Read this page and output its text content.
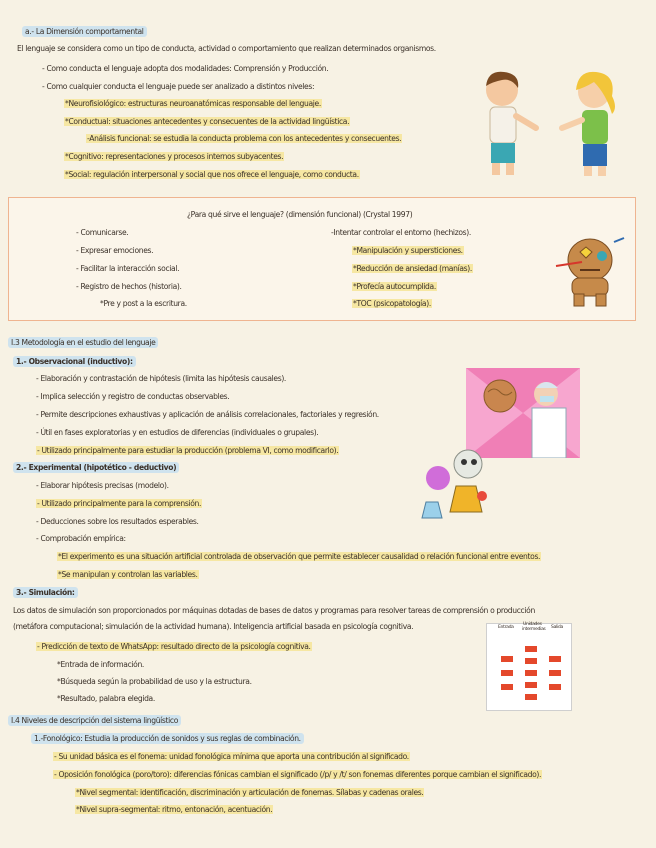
a.- La Dimensión comportamental
El lenguaje se considera como un tipo de conducta, actividad o comportamiento que realizan determinados organismos.
- Como conducta el lenguaje adopta dos modalidades: Comprensión y Producción.
- Como cualquier conducta el lenguaje puede ser analizado a distintos niveles:
*Neurofisiológico: estructuras neuroanatómicas responsable del lenguaje.
*Conductual: situaciones antecedentes y consecuentes de la actividad lingüística.
-Análisis funcional: se estudia la conducta problema con los antecedentes y consecuentes.
*Cognitivo: representaciones y procesos internos subyacentes.
*Social: regulación interpersonal y social que nos ofrece el lenguaje, como conducta.
¿Para qué sirve el lenguaje? (dimensión funcional) (Crystal 1997)
- Comunicarse.
- Expresar emociones.
- Facilitar la interacción social.
- Registro de hechos (historia).
*Pre y post a la escritura.
-Intentar controlar el entorno (hechizos).
*Manipulación y supersticiones.
*Reducción de ansiedad (manías).
*Profecía autocumplida.
*TOC (psicopatología).
I.3 Metodología en el estudio del lenguaje
1.- Observacional (inductivo):
- Elaboración y contrastación de hipótesis (limita las hipótesis causales).
- Implica selección y registro de conductas observables.
- Permite descripciones exhaustivas y aplicación de análisis correlacionales, factoriales y regresión.
- Útil en fases exploratorias y en estudios de diferencias (individuales o grupales).
- Utilizado principalmente para estudiar la producción (problema VI, como modificarlo).
2.- Experimental (hipotético - deductivo)
- Elaborar hipótesis precisas (modelo).
- Utilizado principalmente para la comprensión.
- Deducciones sobre los resultados esperables.
- Comprobación empírica:
*El experimento es una situación artificial controlada de observación que permite establecer causalidad o relación funcional entre eventos.
*Se manipulan y controlan las variables.
3.- Simulación:
Los datos de simulación son proporcionados por máquinas dotadas de bases de datos y programas para resolver tareas de comprensión o producción
(metáfora computacional; simulación de la actividad humana). Inteligencia artificial basada en psicología cognitiva.
- Predicción de texto de WhatsApp: resultado directo de la psicología cognitiva.
*Entrada de información.
*Búsqueda según la probabilidad de uso y la estructura.
*Resultado, palabra elegida.
Entrada
Unidades
intermedias Salida
I.4 Niveles de descripción del sistema lingüístico
1.-Fonológico: Estudia la producción de sonidos y sus reglas de combinación.
- Su unidad básica es el fonema: unidad fonológica mínima que aporta una contribución al significado.
- Oposición fonológica (poro/toro): diferencias fónicas cambian el significado (/p/ y /t/ son fonemas diferentes porque cambian el significado).
*Nivel segmental: identificación, discriminación y articulación de fonemas. Sílabas y cadenas orales.
*Nivel supra-segmental: ritmo, entonación, acentuación.
